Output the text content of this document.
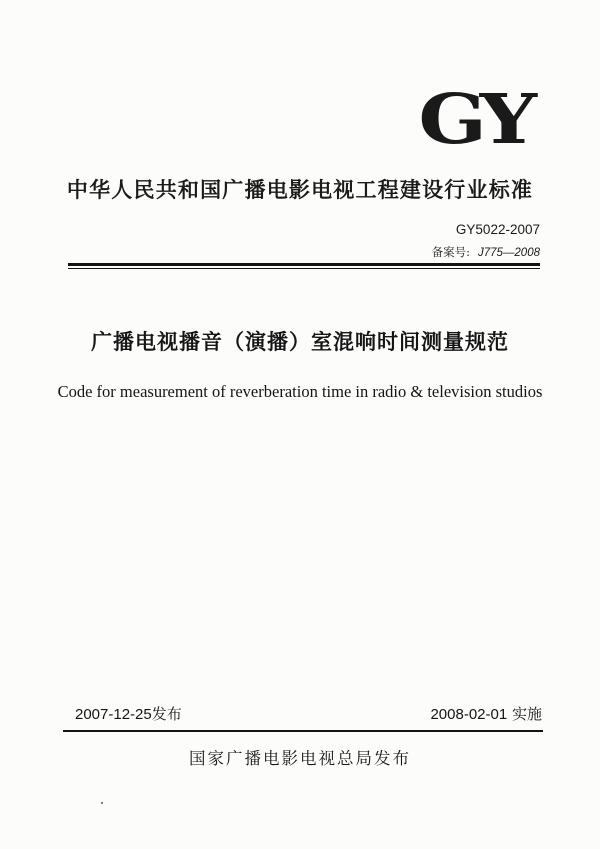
GY
中华人民共和国广播电影电视工程建设行业标准
GY5022-2007
备案号: J775—2008
广播电视播音（演播）室混响时间测量规范
Code for measurement of reverberation time in radio & television studios
2007-12-25发布	2008-02-01 实施
国家广播电影电视总局发布
